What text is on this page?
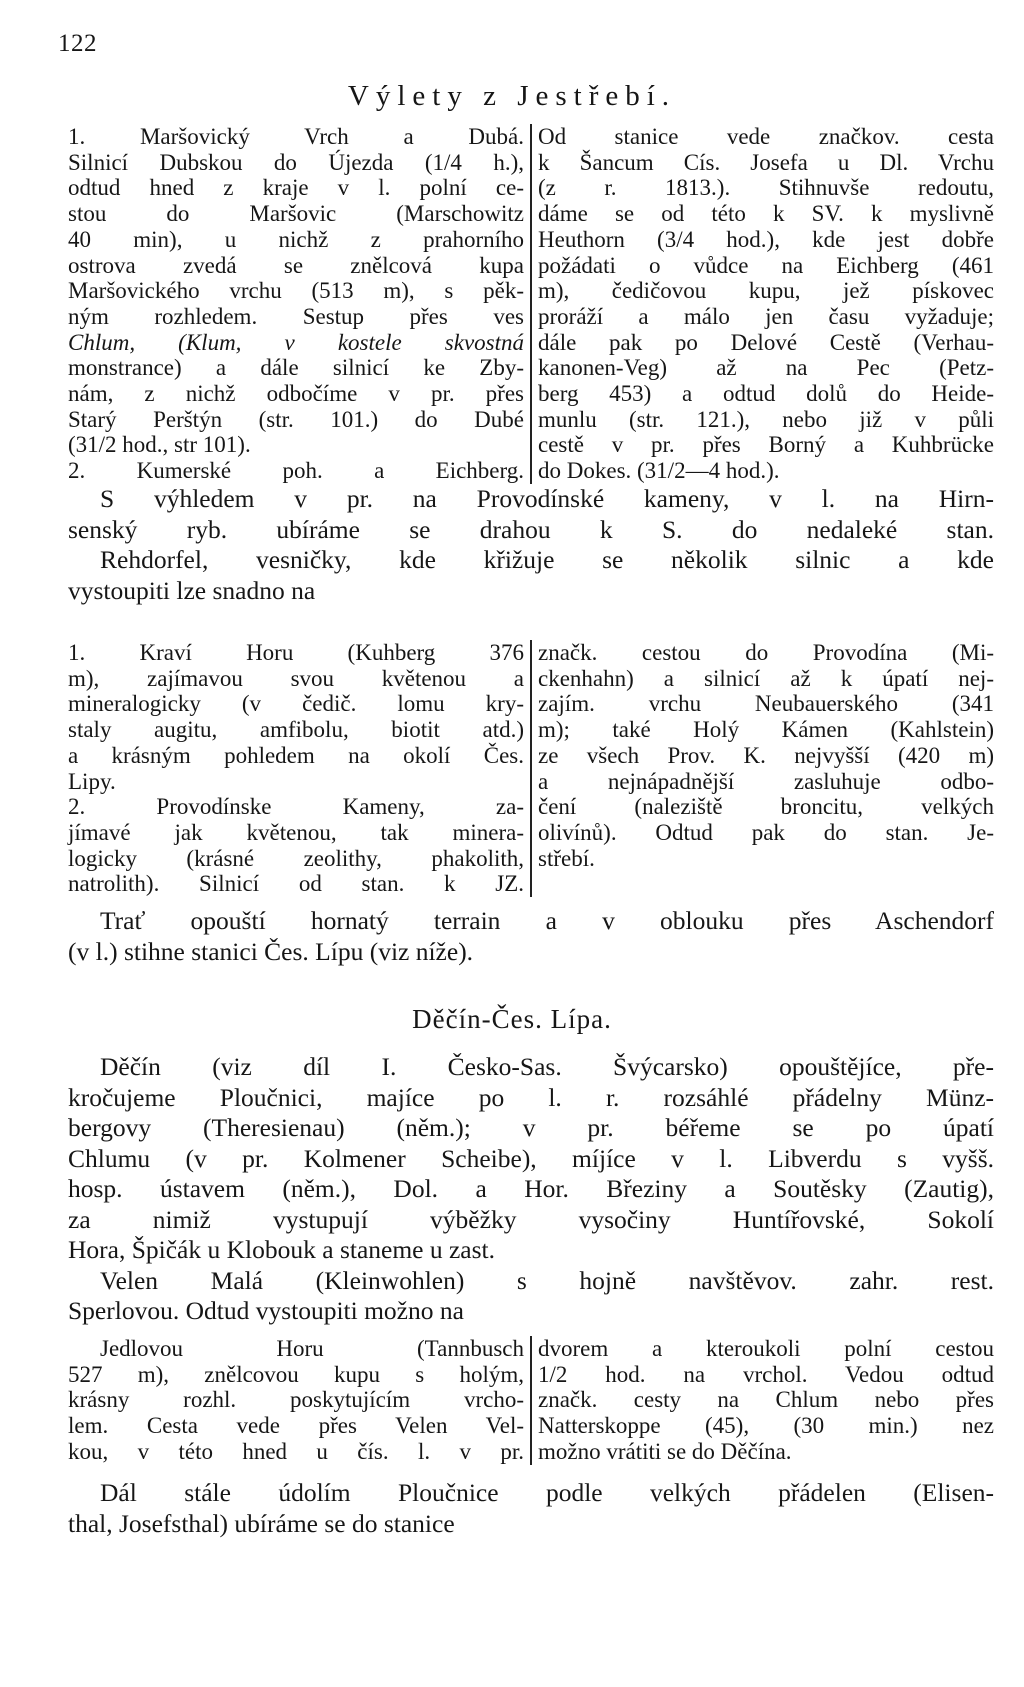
122
Výlety z Jestřebí.
1. Maršovický Vrch a Dubá.
Silnicí Dubskou do Újezda (1/4 h.),
odtud hned z kraje v l. polní ce-
stou do Maršovic (Marschowitz
40 min), u nichž z prahorního
ostrova zvedá se znělcová kupa
Maršovického vrchu (513 m), s pěk-
ným rozhledem. Sestup přes ves
Chlum, (Klum, v kostele skvostná
monstrance) a dále silnicí ke Zby-
nám, z nichž odbočíme v pr. přes
Starý Perštýn (str. 101.) do Dubé
(31/2 hod., str 101).
2. Kumerské poh. a Eichberg.
Od stanice vede značkov. cesta
k Šancum Cís. Josefa u Dl. Vrchu
(z r. 1813.). Stihnuvše redoutu,
dáme se od této k SV. k myslivně
Heuthorn (3/4 hod.), kde jest dobře
požádati o vůdce na Eichberg (461
m), čedičovou kupu, jež pískovec
proráží a málo jen času vyžaduje;
dále pak po Delové Cestě (Verhau-
kanonen-Veg) až na Pec (Petz-
berg 453) a odtud dolů do Heide-
munlu (str. 121.), nebo již v půli
cestě v pr. přes Borný a Kuhbrücke
do Dokes. (31/2—4 hod.).
S výhledem v pr. na Provodínské kameny, v l. na Hirn-
senský ryb. ubíráme se drahou k S. do nedaleké stan.
Rehdorfel, vesničky, kde křižuje se několik silnic a kde
vystoupiti lze snadno na
1. Kraví Horu (Kuhberg 376
m), zajímavou svou květenou a
mineralogicky (v čedič. lomu kry-
staly augitu, amfibolu, biotit atd.)
a krásným pohledem na okolí Čes.
Lipy.
2. Provodínske Kameny, za-
jímavé jak květenou, tak minera-
logicky (krásné zeolithy, phakolith,
natrolith). Silnicí od stan. k JZ.
značk. cestou do Provodína (Mi-
ckenhahn) a silnicí až k úpatí nej-
zajím. vrchu Neubauerského (341
m); také Holý Kámen (Kahlstein)
ze všech Prov. K. nejvyšší (420 m)
a nejnápadnější zasluhuje odbo-
čení (naleziště broncitu, velkých
olivínů). Odtud pak do stan. Je-
střebí.

Trať opouští hornatý terrain a v oblouku přes Aschendorf
(v l.) stihne stanici Čes. Lípu (viz níže).
Děčín-Čes. Lípa.
Děčín (viz díl I. Česko-Sas. Švýcarsko) opouštějíce, pře-
kročujeme Ploučnici, majíce po l. r. rozsáhlé přádelny Münz-
bergovy (Theresienau) (něm.); v pr. béřeme se po úpatí
Chlumu (v pr. Kolmener Scheibe), míjíce v l. Libverdu s vyšš.
hosp. ústavem (něm.), Dol. a Hor. Březiny a Soutěsky (Zautig),
za nimiž vystupují výběžky vysočiny Huntířovské, Sokolí
Hora, Špičák u Klobouk a staneme u zast.
Velen Malá (Kleinwohlen) s hojně navštěvov. zahr. rest.
Sperlovou. Odtud vystoupiti možno na
Jedlovou Horu (Tannbusch
527 m), znělcovou kupu s holým,
krásny rozhl. poskytujícím vrcho-
lem. Cesta vede přes Velen Vel-
kou, v této hned u čís. l. v pr.
dvorem a kteroukoli polní cestou
1/2 hod. na vrchol. Vedou odtud
značk. cesty na Chlum nebo přes
Natterskoppe (45), (30 min.) nez
možno vrátiti se do Děčína.
Dál stále údolím Ploučnice podle velkých přádelen (Elisen-
thal, Josefsthal) ubíráme se do stanice
